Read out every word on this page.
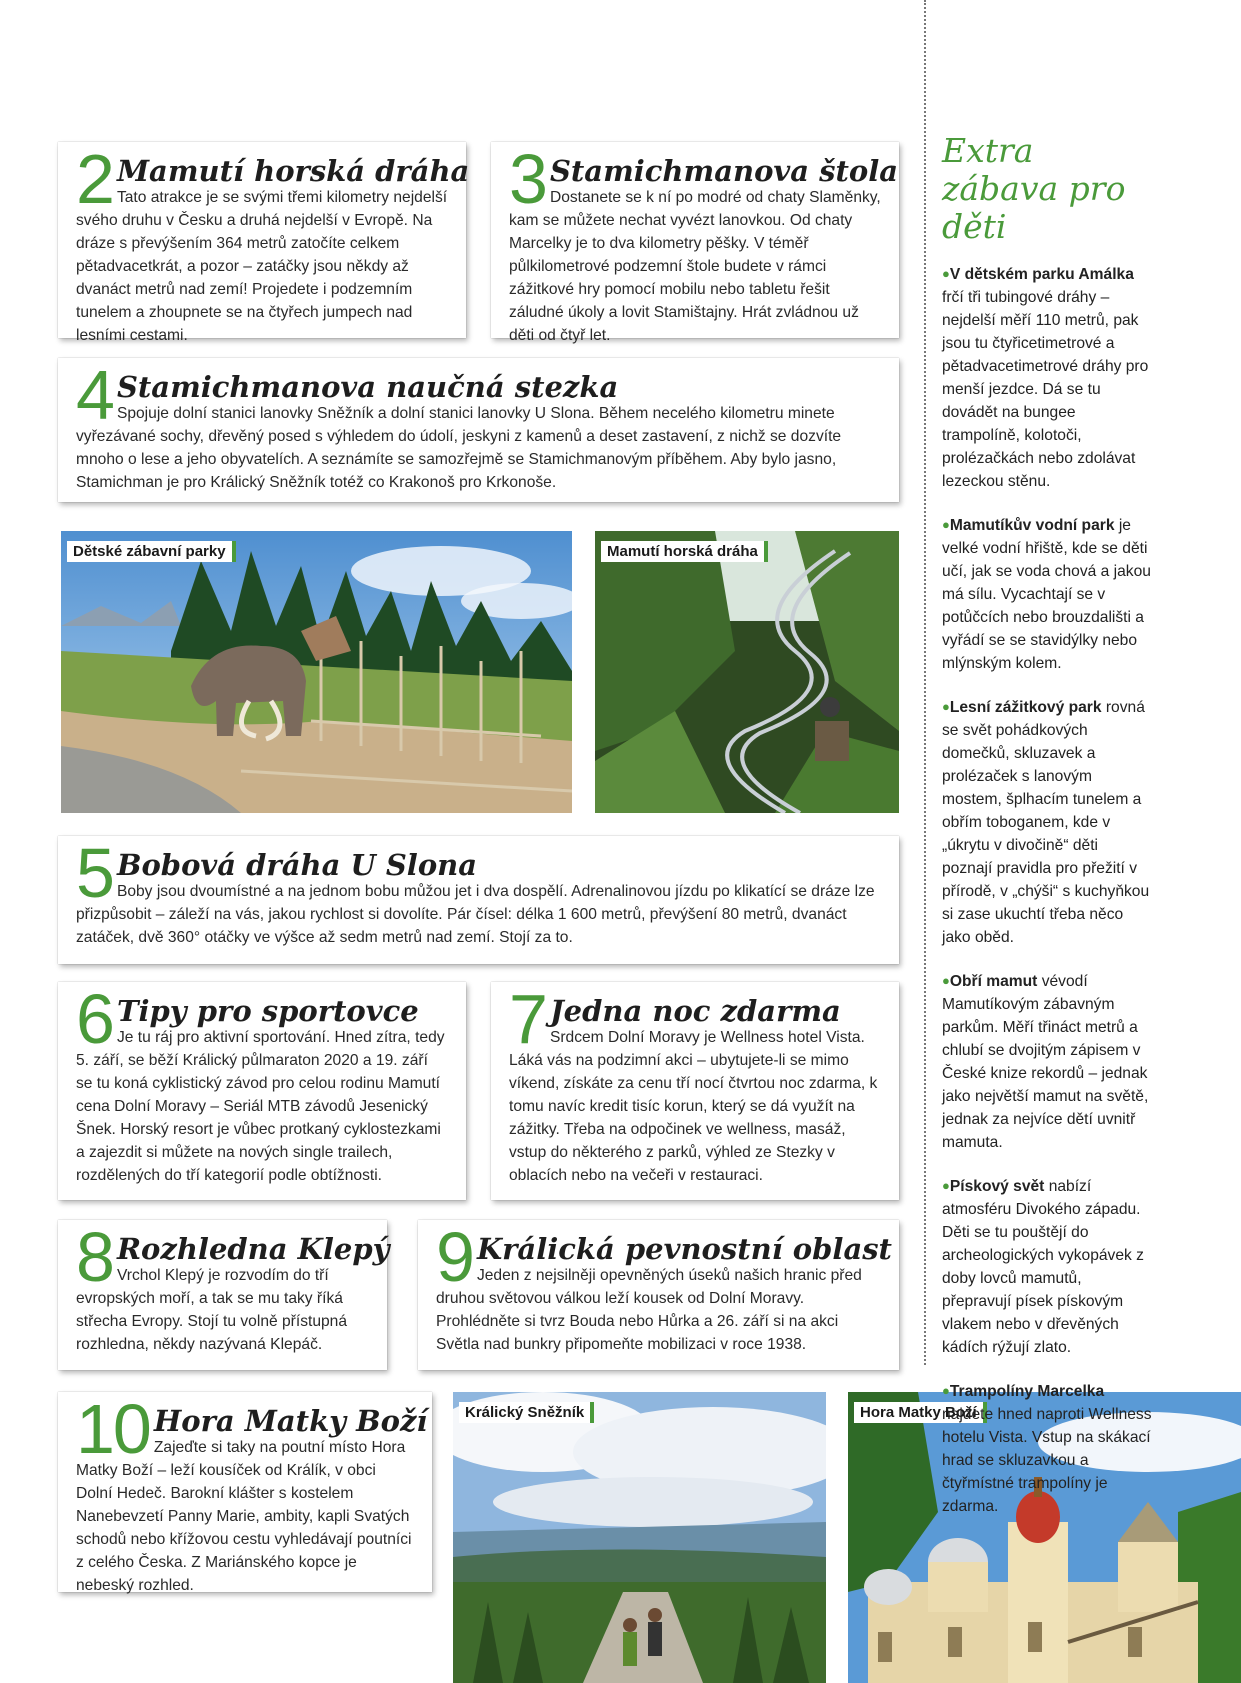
2 Mamutí horská dráha

Tato atrakce je se svými třemi kilometry nejdelší svého druhu v Česku a druhá nejdelší v Evropě. Na dráze s převýšením 364 metrů zatočíte celkem pětadvacetkrát, a pozor – zatáčky jsou někdy až dvanáct metrů nad zemí! Projedete i podzemním tunelem a zhoupnete se na čtyřech jumpech nad lesními cestami.

3 Stamichmanova štola

Dostanete se k ní po modré od chaty Slaměnky, kam se můžete nechat vyvézt lanovkou. Od chaty Marcelky je to dva kilometry pěšky. V téměř půlkilometrové podzemní štole budete v rámci zážitkové hry pomocí mobilu nebo tabletu řešit záludné úkoly a lovit Stamištajny. Hrát zvládnou už děti od čtyř let.

4 Stamichmanova naučná stezka

Spojuje dolní stanici lanovky Sněžník a dolní stanici lanovky U Slona. Během necelého kilometru minete vyřezávané sochy, dřevěný posed s výhledem do údolí, jeskyni z kamenů a deset zastavení, z nichž se dozvíte mnoho o lese a jeho obyvatelích. A seznámíte se samozřejmě se Stamichmanovým příběhem. Aby bylo jasno, Stamichman je pro Králický Sněžník totéž co Krakonoš pro Krkonoše.

Dětské zábavní parky	Mamutí horská dráha
5 Bobová dráha U Slona

Boby jsou dvoumístné a na jednom bobu můžou jet i dva dospělí. Adrenalinovou jízdu po klikatící se dráze lze přizpůsobit – záleží na vás, jakou rychlost si dovolíte. Pár čísel: délka 1 600 metrů, převýšení 80 metrů, dvanáct zatáček, dvě 360° otáčky ve výšce až sedm metrů nad zemí. Stojí za to.

6 Tipy pro sportovce

Je tu ráj pro aktivní sportování. Hned zítra, tedy 5. září, se běží Králický půlmaraton 2020 a 19. září se tu koná cyklistický závod pro celou rodinu Mamutí cena Dolní Moravy – Seriál MTB závodů Jesenický Šnek. Horský resort je vůbec protkaný cyklostezkami a zajezdit si můžete na nových single trailech, rozdělených do tří kategorií podle obtížnosti.

7 Jedna noc zdarma

Srdcem Dolní Moravy je Wellness hotel Vista. Láká vás na podzimní akci – ubytujete-li se mimo víkend, získáte za cenu tří nocí čtvrtou noc zdarma, k tomu navíc kredit tisíc korun, který se dá využít na zážitky. Třeba na odpočinek ve wellness, masáž, vstup do některého z parků, výhled ze Stezky v oblacích nebo na večeři v restauraci.

8 Rozhledna Klepý

Vrchol Klepý je rozvodím do tří evropských moří, a tak se mu taky říká střecha Evropy. Stojí tu volně přístupná rozhledna, někdy nazývaná Klepáč.

9 Králická pevnostní oblast

Jeden z nejsilněji opevněných úseků našich hranic před druhou světovou válkou leží kousek od Dolní Moravy. Prohlédněte si tvrz Bouda nebo Hůrka a 26. září si na akci Světla nad bunkry připomeňte mobilizaci v roce 1938.

10 Hora Matky Boží

Zajeďte si taky na poutní místo Hora Matky Boží – leží kousíček od Králík, v obci Dolní Hedeč. Barokní klášter s kostelem Nanebevzetí Panny Marie, ambity, kapli Svatých schodů nebo křížovou cestu vyhledávají poutníci z celého Česka. Z Mariánského kopce je nebeský rozhled.

Králický Sněžník	Hora Matky Boží
Extra zábava pro děti
●V dětském parku Amálka frčí tři tubingové dráhy – nejdelší měří 110 metrů, pak jsou tu čtyřicetimetrové a pětadvacetimetrové dráhy pro menší jezdce. Dá se tu dovádět na bungee trampolíně, kolotoči, prolézačkách nebo zdolávat lezeckou stěnu.
●Mamutíkův vodní park je velké vodní hřiště, kde se děti učí, jak se voda chová a jakou má sílu. Vycachtají se v potůčcích nebo brouzdališti a vyřádí se se stavidýlky nebo mlýnským kolem.
●Lesní zážitkový park rovná se svět pohádkových domečků, skluzavek a prolézaček s lanovým mostem, šplhacím tunelem a obřím toboganem, kde v „úkrytu v divočině“ děti poznají pravidla pro přežití v přírodě, v „chýši“ s kuchyňkou si zase ukuchtí třeba něco jako oběd.
●Obří mamut vévodí Mamutíkovým zábavným parkům. Měří třináct metrů a chlubí se dvojitým zápisem v České knize rekordů – jednak jako největší mamut na světě, jednak za nejvíce dětí uvnitř mamuta.
●Pískový svět nabízí atmosféru Divokého západu. Děti se tu pouštějí do archeologických vykopávek z doby lovců mamutů, přepravují písek pískovým vlakem nebo v dřevěných kádích rýžují zlato.
●Trampolíny Marcelka najdete hned naproti Wellness hotelu Vista. Vstup na skákací hrad se skluzavkou a čtyřmístné trampolíny je zdarma.
